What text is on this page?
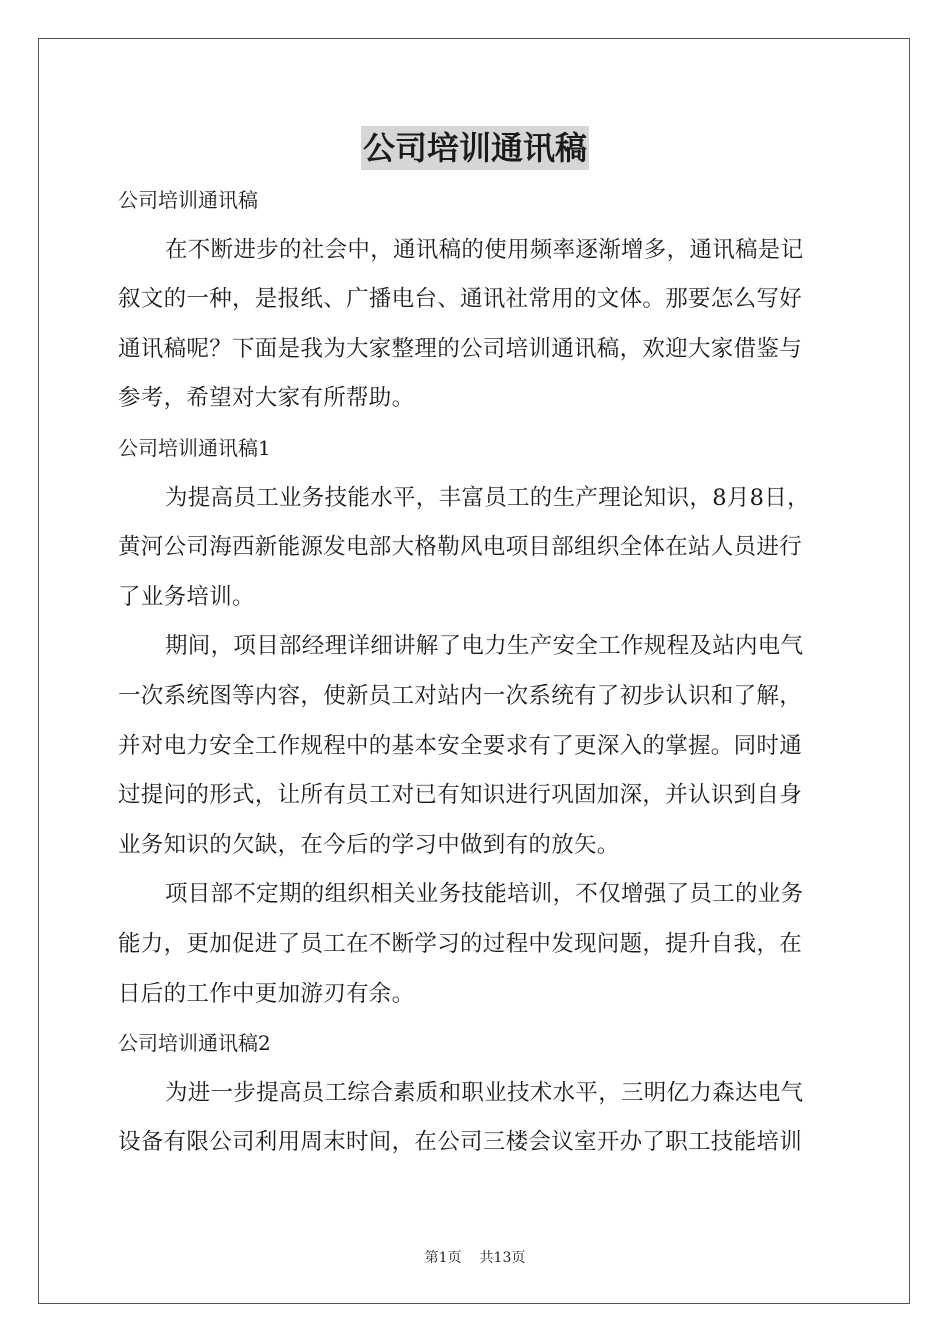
公司培训通讯稿
公司培训通讯稿
在不断进步的社会中，通讯稿的使用频率逐渐增多，通讯稿是记
叙文的一种，是报纸、广播电台、通讯社常用的文体。那要怎么写好
通讯稿呢？下面是我为大家整理的公司培训通讯稿，欢迎大家借鉴与
参考，希望对大家有所帮助。
公司培训通讯稿1
为提高员工业务技能水平，丰富员工的生产理论知识，8月8日，
黄河公司海西新能源发电部大格勒风电项目部组织全体在站人员进行
了业务培训。
期间，项目部经理详细讲解了电力生产安全工作规程及站内电气
一次系统图等内容，使新员工对站内一次系统有了初步认识和了解，
并对电力安全工作规程中的基本安全要求有了更深入的掌握。同时通
过提问的形式，让所有员工对已有知识进行巩固加深，并认识到自身
业务知识的欠缺，在今后的学习中做到有的放矢。
项目部不定期的组织相关业务技能培训，不仅增强了员工的业务
能力，更加促进了员工在不断学习的过程中发现问题，提升自我，在
日后的工作中更加游刃有余。
公司培训通讯稿2
为进一步提高员工综合素质和职业技术水平，三明亿力森达电气
设备有限公司利用周末时间，在公司三楼会议室开办了职工技能培训
第1页 共13页
